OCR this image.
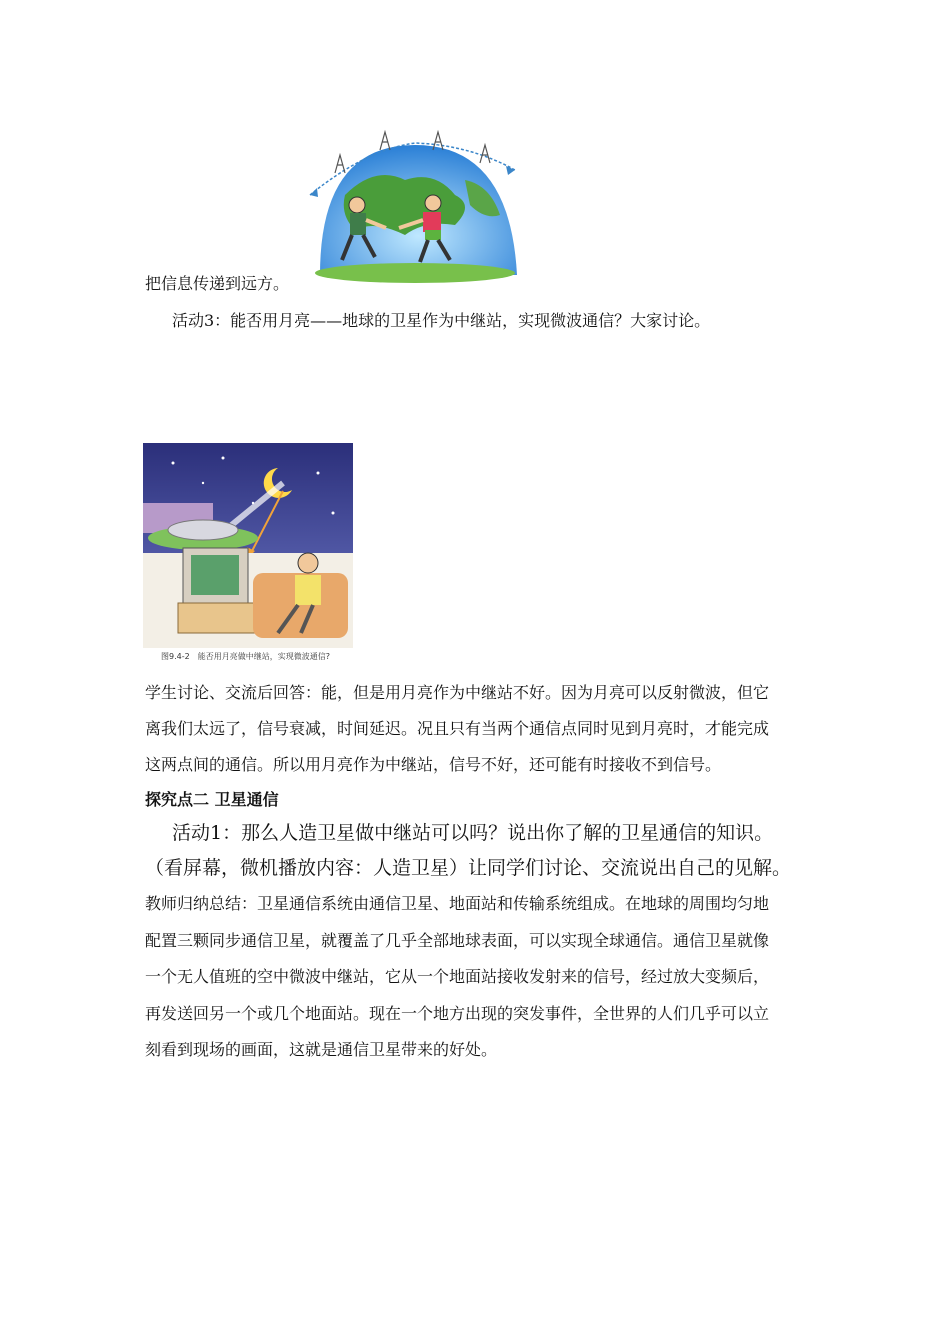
把信息传递到远方。
活动3：能否用月亮——地球的卫星作为中继站，实现微波通信？大家讨论。
图9.4-2　能否用月亮做中继站，实现微波通信?
学生讨论、交流后回答：能，但是用月亮作为中继站不好。因为月亮可以反射微波，但它
离我们太远了，信号衰减，时间延迟。况且只有当两个通信点同时见到月亮时，才能完成
这两点间的通信。所以用月亮作为中继站，信号不好，还可能有时接收不到信号。
探究点二 卫星通信
活动1：那么人造卫星做中继站可以吗？说出你了解的卫星通信的知识。
（看屏幕，微机播放内容：人造卫星）让同学们讨论、交流说出自己的见解。
教师归纳总结：卫星通信系统由通信卫星、地面站和传输系统组成。在地球的周围均匀地
配置三颗同步通信卫星，就覆盖了几乎全部地球表面，可以实现全球通信。通信卫星就像
一个无人值班的空中微波中继站，它从一个地面站接收发射来的信号，经过放大变频后，
再发送回另一个或几个地面站。现在一个地方出现的突发事件，全世界的人们几乎可以立
刻看到现场的画面，这就是通信卫星带来的好处。
